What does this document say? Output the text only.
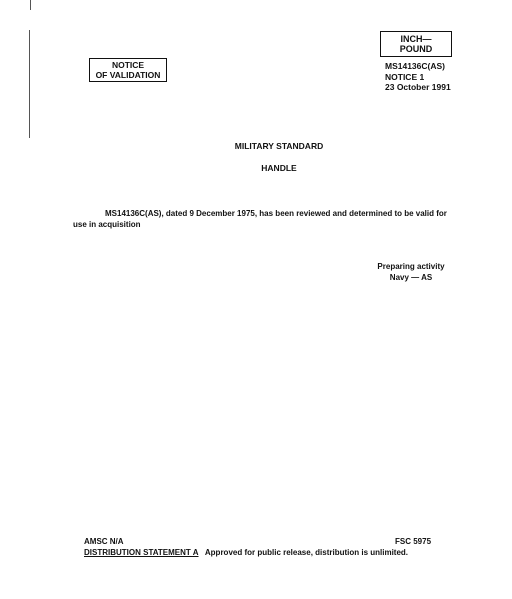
INCH—POUND
NOTICE
OF VALIDATION
MS14136C(AS)
NOTICE 1
23 October 1991
MILITARY STANDARD
HANDLE
MS14136C(AS), dated 9 December 1975, has been reviewed and determined to be valid for
use in acquisition
Preparing activity
Navy — AS
AMSC N/A	FSC 5975
DISTRIBUTION STATEMENT A Approved for public release, distribution is unlimited.
